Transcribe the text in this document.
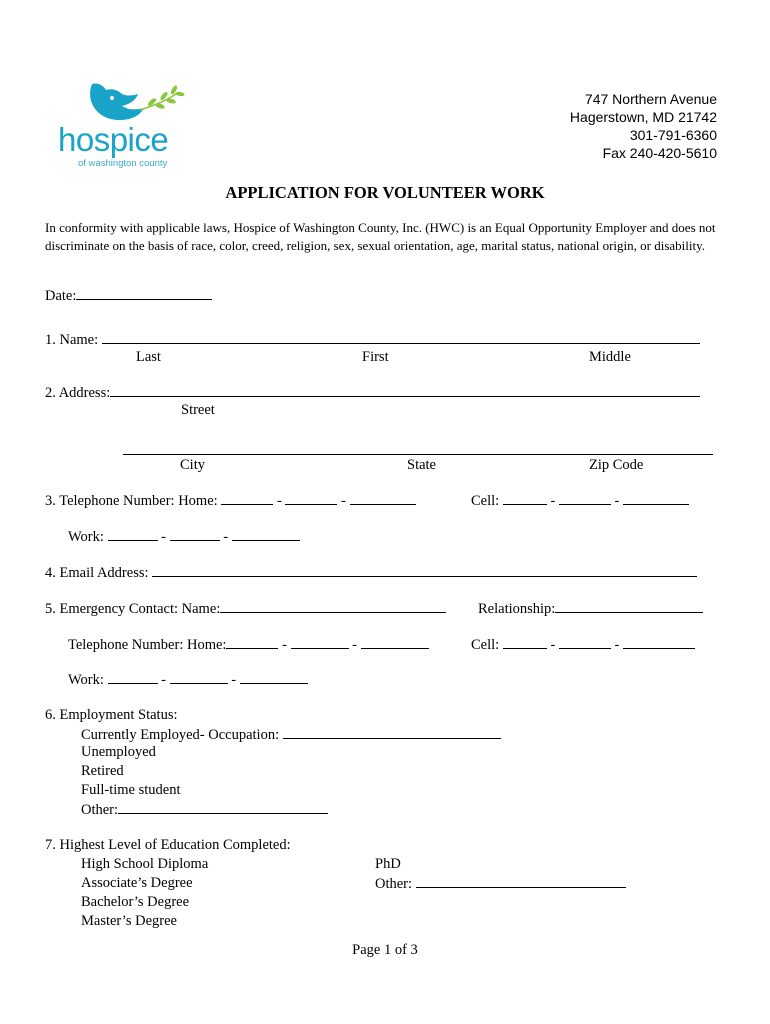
hospice
of washington county
747 Northern Avenue
Hagerstown, MD 21742
301-791-6360
Fax 240-420-5610
APPLICATION FOR VOLUNTEER WORK
In conformity with applicable laws, Hospice of Washington County, Inc. (HWC) is an Equal Opportunity Employer and does not discriminate on the basis of race, color, creed, religion, sex, sexual orientation, age, marital status, national origin, or disability.
Date:
1. Name:
Last	First	Middle
2. Address:
Street
City	State	Zip Code
3. Telephone Number: Home:	-	-	Cell:	-	-
Work:	-	-
4. Email Address:
5. Emergency Contact: Name:	Relationship:
Telephone Number: Home:	-	-	Cell:	-	-
Work:	-	-
6. Employment Status:
Currently Employed- Occupation:
Unemployed
Retired
Full-time student
Other:
7. Highest Level of Education Completed:
High School Diploma
Associate’s Degree
Bachelor’s Degree
Master’s Degree
PhD
Other:
Page 1 of 3
